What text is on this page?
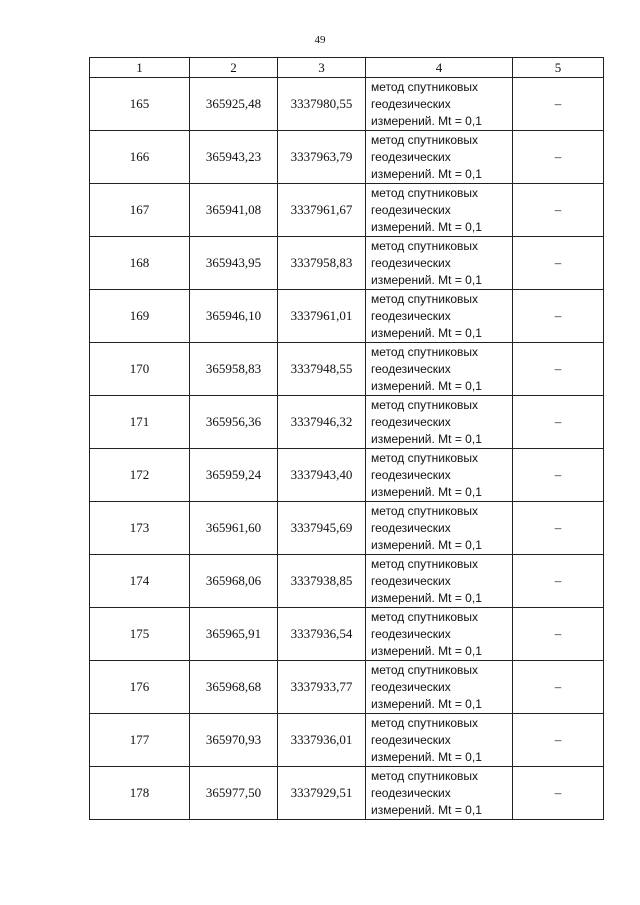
49
1	2	3	4	5
165	365925,48	3337980,55	метод спутниковых
геодезических
измерений. Mt = 0,1	–
166	365943,23	3337963,79	метод спутниковых
геодезических
измерений. Mt = 0,1	–
167	365941,08	3337961,67	метод спутниковых
геодезических
измерений. Mt = 0,1	–
168	365943,95	3337958,83	метод спутниковых
геодезических
измерений. Mt = 0,1	–
169	365946,10	3337961,01	метод спутниковых
геодезических
измерений. Mt = 0,1	–
170	365958,83	3337948,55	метод спутниковых
геодезических
измерений. Mt = 0,1	–
171	365956,36	3337946,32	метод спутниковых
геодезических
измерений. Mt = 0,1	–
172	365959,24	3337943,40	метод спутниковых
геодезических
измерений. Mt = 0,1	–
173	365961,60	3337945,69	метод спутниковых
геодезических
измерений. Mt = 0,1	–
174	365968,06	3337938,85	метод спутниковых
геодезических
измерений. Mt = 0,1	–
175	365965,91	3337936,54	метод спутниковых
геодезических
измерений. Mt = 0,1	–
176	365968,68	3337933,77	метод спутниковых
геодезических
измерений. Mt = 0,1	–
177	365970,93	3337936,01	метод спутниковых
геодезических
измерений. Mt = 0,1	–
178	365977,50	3337929,51	метод спутниковых
геодезических
измерений. Mt = 0,1	–
